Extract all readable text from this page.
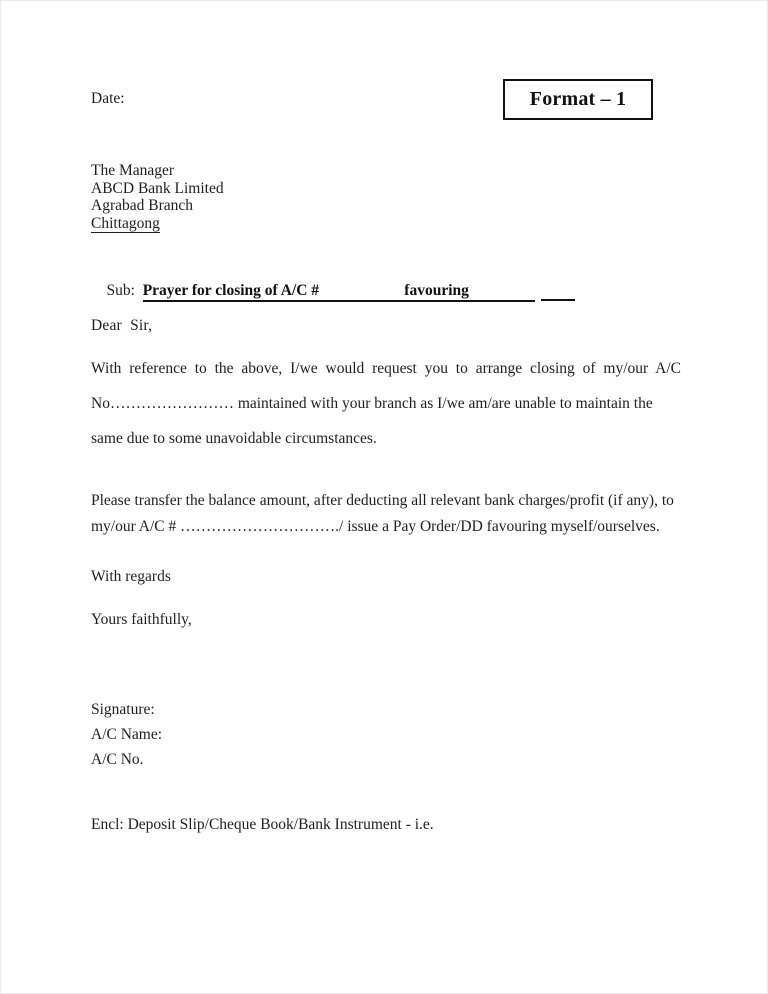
Date:	Format – 1
The Manager
ABCD Bank Limited
Agrabad Branch
Chittagong

Sub: Prayer for closing of A/C #                      favouring

Dear  Sir,
With reference to the above, I/we would request you to arrange closing of my/our A/C No…………………… maintained with your branch as I/we am/are unable to maintain the
same due to some unavoidable circumstances.
Please transfer the balance amount, after deducting all relevant bank charges/profit (if any), to my/our A/C # …………………………./ issue a Pay Order/DD favouring myself/ourselves.
With regards
Yours faithfully,
Signature:
A/C Name:
A/C No.
Encl: Deposit Slip/Cheque Book/Bank Instrument - i.e.
